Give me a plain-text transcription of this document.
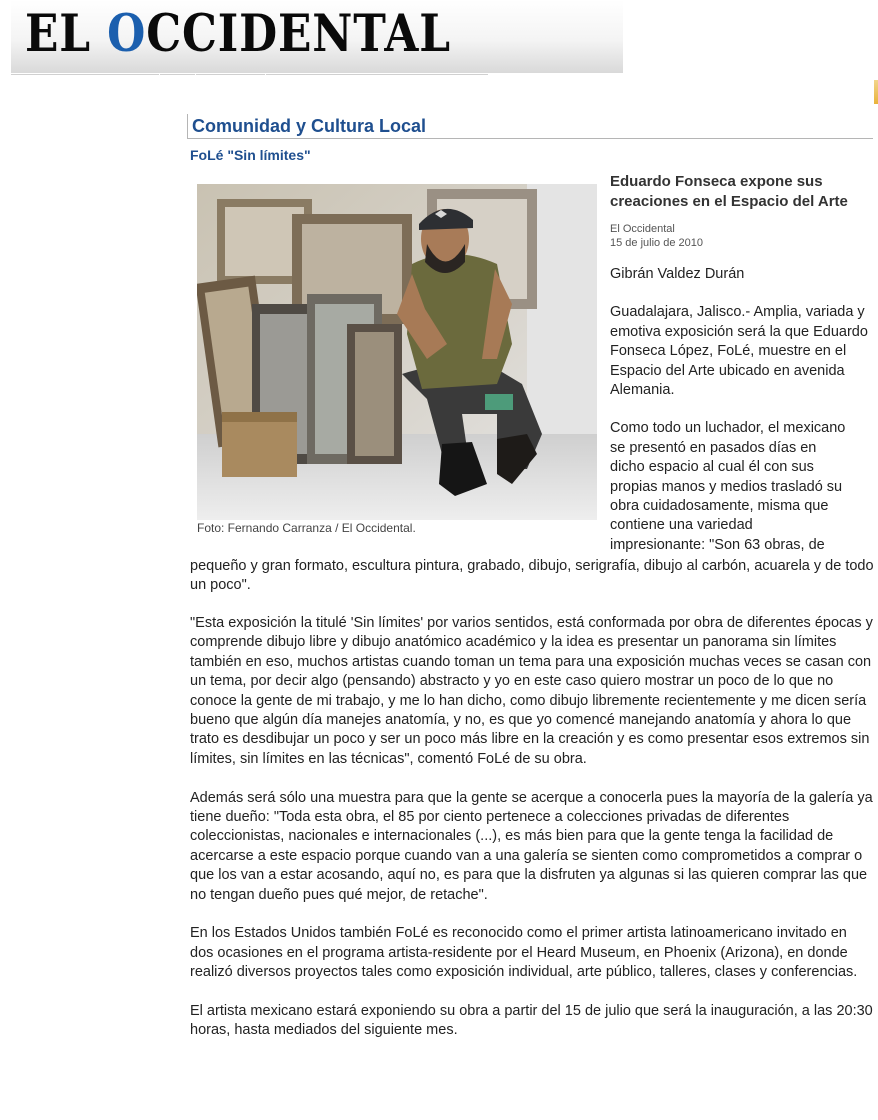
EL OCCIDENTAL
Comunidad y Cultura Local
FoLé "Sin límites"
Foto: Fernando Carranza / El Occidental.
Eduardo Fonseca expone sus creaciones en el Espacio del Arte

El Occidental
15 de julio de 2010

Gibrán Valdez Durán

Guadalajara, Jalisco.- Amplia, variada y emotiva exposición será la que Eduardo Fonseca López, FoLé, muestre en el Espacio del Arte ubicado en avenida Alemania.

Como todo un luchador, el mexicano
se presentó en pasados días en
dicho espacio al cual él con sus
propias manos y medios trasladó su
obra cuidadosamente, misma que
contiene una variedad
impresionante: "Son 63 obras, de

pequeño y gran formato, escultura pintura, grabado, dibujo, serigrafía, dibujo al carbón, acuarela y de todo un poco".

"Esta exposición la titulé 'Sin límites' por varios sentidos, está conformada por obra de diferentes épocas y comprende dibujo libre y dibujo anatómico académico y la idea es presentar un panorama sin límites también en eso, muchos artistas cuando toman un tema para una exposición muchas veces se casan con un tema, por decir algo (pensando) abstracto y yo en este caso quiero mostrar un poco de lo que no conoce la gente de mi trabajo, y me lo han dicho, como dibujo libremente recientemente y me dicen sería bueno que algún día manejes anatomía, y no, es que yo comencé manejando anatomía y ahora lo que trato es desdibujar un poco y ser un poco más libre en la creación y es como presentar esos extremos sin límites, sin límites en las técnicas", comentó FoLé de su obra.

Además será sólo una muestra para que la gente se acerque a conocerla pues la mayoría de la galería ya tiene dueño: "Toda esta obra, el 85 por ciento pertenece a colecciones privadas de diferentes coleccionistas, nacionales e internacionales (...), es más bien para que la gente tenga la facilidad de acercarse a este espacio porque cuando van a una galería se sienten como comprometidos a comprar o que los van a estar acosando, aquí no, es para que la disfruten ya algunas si las quieren comprar las que no tengan dueño pues qué mejor, de retache".

En los Estados Unidos también FoLé es reconocido como el primer artista latinoamericano invitado en dos ocasiones en el programa artista-residente por el Heard Museum, en Phoenix (Arizona), en donde realizó diversos proyectos tales como exposición individual, arte público, talleres, clases y conferencias.

El artista mexicano estará exponiendo su obra a partir del 15 de julio que será la inauguración, a las 20:30 horas, hasta mediados del siguiente mes.
